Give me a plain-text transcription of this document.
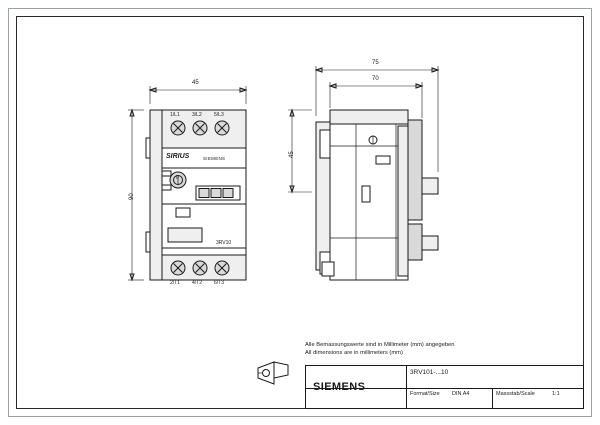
1/L1 3/L2 5/L3
2/T1 4/T2 6/T3
SIRIUS	SIEMENS
3RV10
0
45
90
75
70
45
Alle Bemassungswerte sind in Millimeter (mm) angegeben
All dimensions are in millimeters (mm)
SIEMENS
3RV101-...10
Format/Size DIN A4	Massstab/Scale	1:1
